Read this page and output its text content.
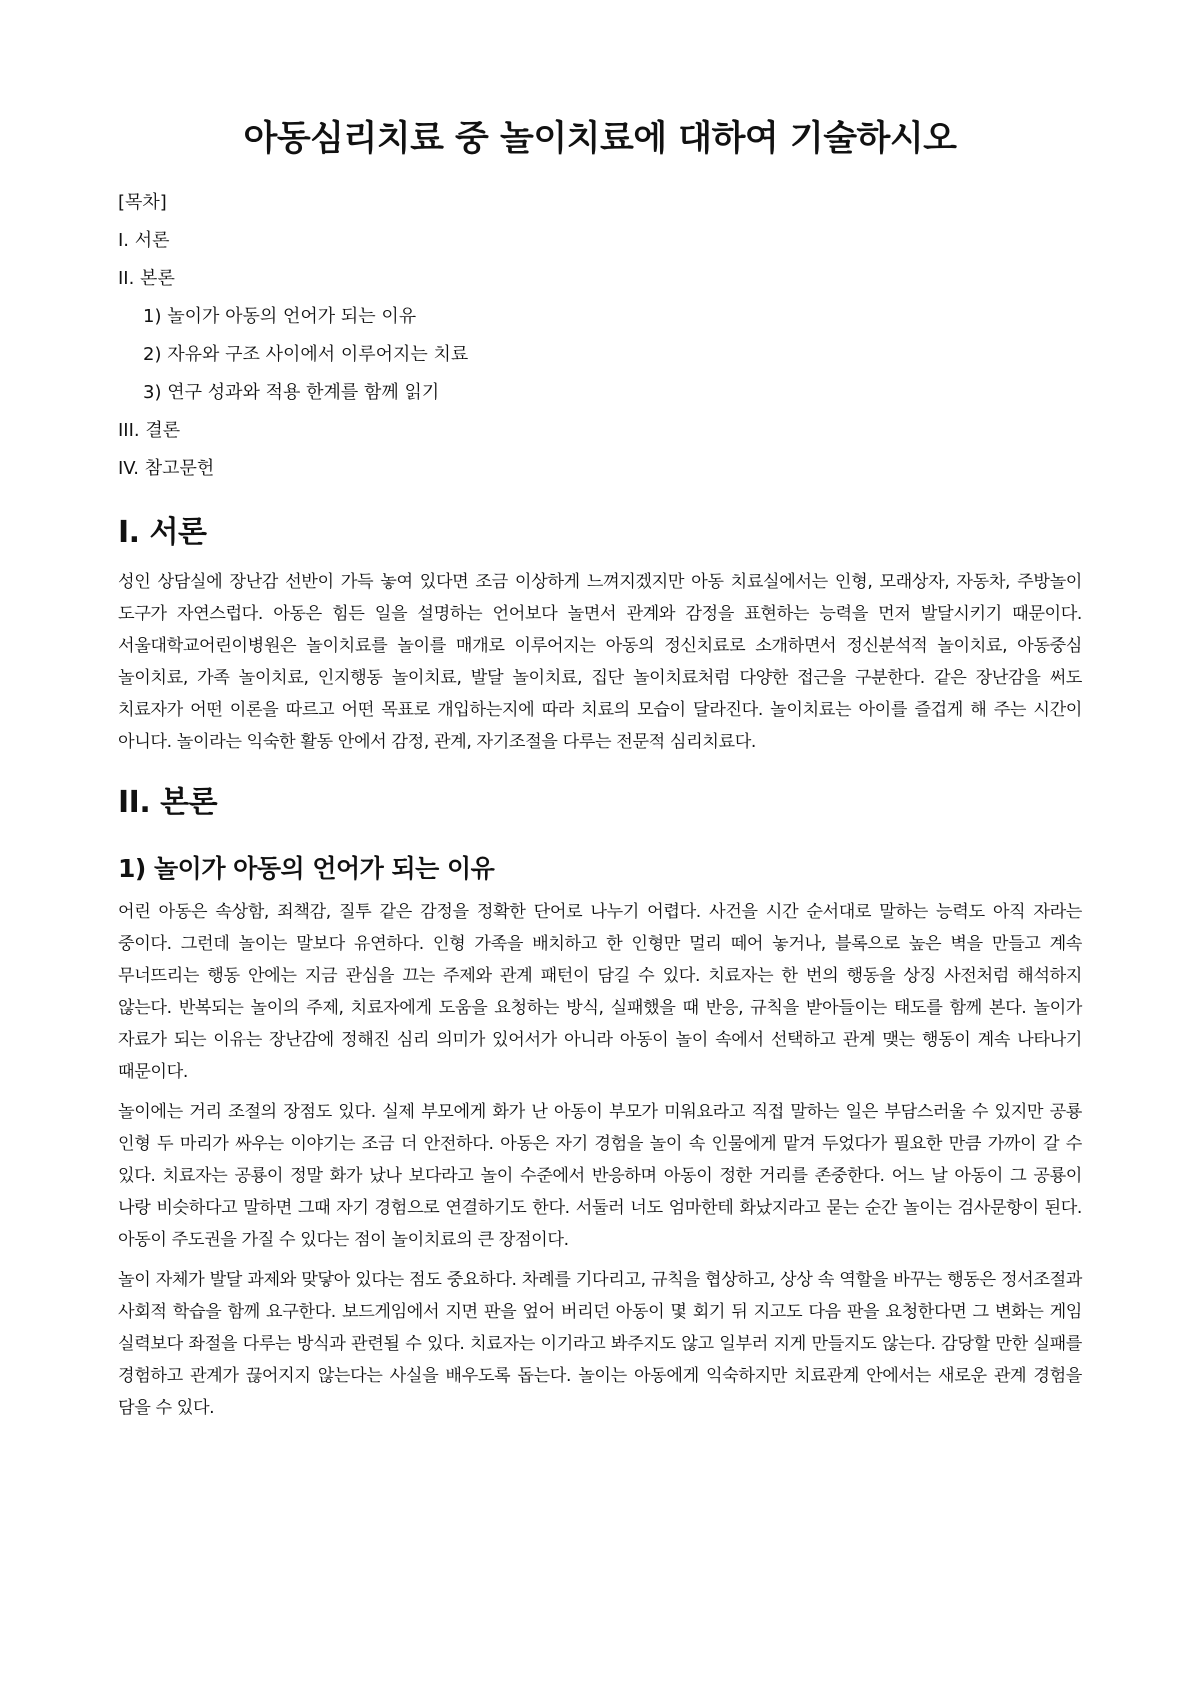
아동심리치료 중 놀이치료에 대하여 기술하시오
[목차]
I. 서론
II. 본론
1) 놀이가 아동의 언어가 되는 이유
2) 자유와 구조 사이에서 이루어지는 치료
3) 연구 성과와 적용 한계를 함께 읽기
III. 결론
IV. 참고문헌
I. 서론

성인 상담실에 장난감 선반이 가득 놓여 있다면 조금 이상하게 느껴지겠지만 아동 치료실에서는 인형, 모래상자, 자동차, 주방놀이 도구가 자연스럽다. 아동은 힘든 일을 설명하는 언어보다 놀면서 관계와 감정을 표현하는 능력을 먼저 발달시키기 때문이다. 서울대학교어린이병원은 놀이치료를 놀이를 매개로 이루어지는 아동의 정신치료로 소개하면서 정신분석적 놀이치료, 아동중심 놀이치료, 가족 놀이치료, 인지행동 놀이치료, 발달 놀이치료, 집단 놀이치료처럼 다양한 접근을 구분한다. 같은 장난감을 써도 치료자가 어떤 이론을 따르고 어떤 목표로 개입하는지에 따라 치료의 모습이 달라진다. 놀이치료는 아이를 즐겁게 해 주는 시간이 아니다. 놀이라는 익숙한 활동 안에서 감정, 관계, 자기조절을 다루는 전문적 심리치료다.

II. 본론
1) 놀이가 아동의 언어가 되는 이유

어린 아동은 속상함, 죄책감, 질투 같은 감정을 정확한 단어로 나누기 어렵다. 사건을 시간 순서대로 말하는 능력도 아직 자라는 중이다. 그런데 놀이는 말보다 유연하다. 인형 가족을 배치하고 한 인형만 멀리 떼어 놓거나, 블록으로 높은 벽을 만들고 계속 무너뜨리는 행동 안에는 지금 관심을 끄는 주제와 관계 패턴이 담길 수 있다. 치료자는 한 번의 행동을 상징 사전처럼 해석하지 않는다. 반복되는 놀이의 주제, 치료자에게 도움을 요청하는 방식, 실패했을 때 반응, 규칙을 받아들이는 태도를 함께 본다. 놀이가 자료가 되는 이유는 장난감에 정해진 심리 의미가 있어서가 아니라 아동이 놀이 속에서 선택하고 관계 맺는 행동이 계속 나타나기 때문이다.

놀이에는 거리 조절의 장점도 있다. 실제 부모에게 화가 난 아동이 부모가 미워요라고 직접 말하는 일은 부담스러울 수 있지만 공룡 인형 두 마리가 싸우는 이야기는 조금 더 안전하다. 아동은 자기 경험을 놀이 속 인물에게 맡겨 두었다가 필요한 만큼 가까이 갈 수 있다. 치료자는 공룡이 정말 화가 났나 보다라고 놀이 수준에서 반응하며 아동이 정한 거리를 존중한다. 어느 날 아동이 그 공룡이 나랑 비슷하다고 말하면 그때 자기 경험으로 연결하기도 한다. 서둘러 너도 엄마한테 화났지라고 묻는 순간 놀이는 검사문항이 된다. 아동이 주도권을 가질 수 있다는 점이 놀이치료의 큰 장점이다.

놀이 자체가 발달 과제와 맞닿아 있다는 점도 중요하다. 차례를 기다리고, 규칙을 협상하고, 상상 속 역할을 바꾸는 행동은 정서조절과 사회적 학습을 함께 요구한다. 보드게임에서 지면 판을 엎어 버리던 아동이 몇 회기 뒤 지고도 다음 판을 요청한다면 그 변화는 게임 실력보다 좌절을 다루는 방식과 관련될 수 있다. 치료자는 이기라고 봐주지도 않고 일부러 지게 만들지도 않는다. 감당할 만한 실패를 경험하고 관계가 끊어지지 않는다는 사실을 배우도록 돕는다. 놀이는 아동에게 익숙하지만 치료관계 안에서는 새로운 관계 경험을 담을 수 있다.
